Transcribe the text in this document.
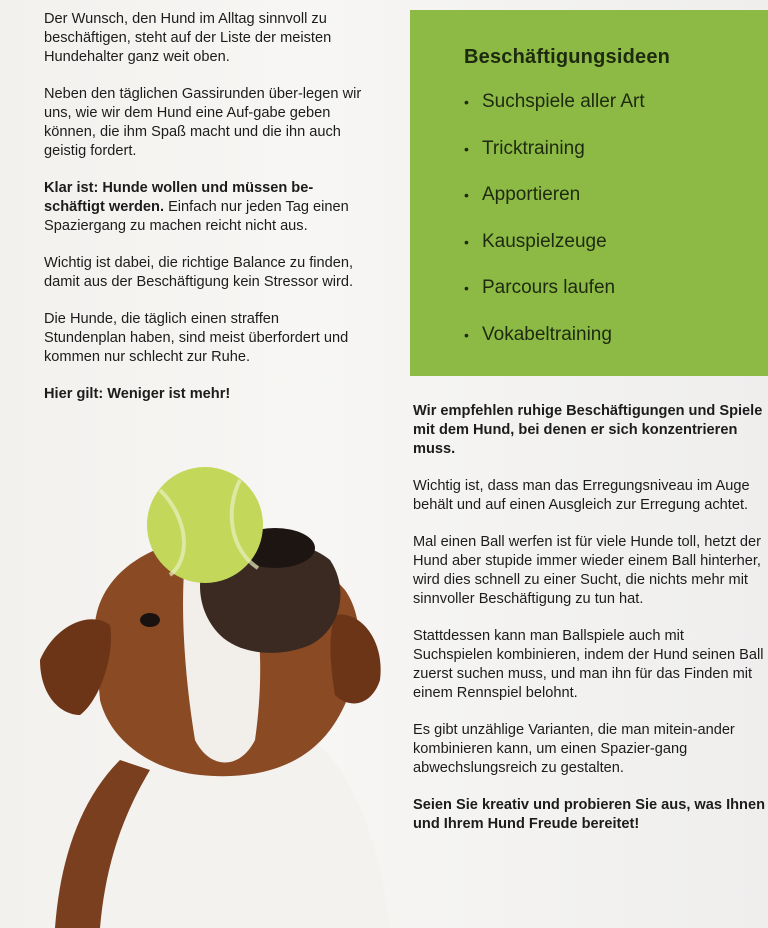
Der Wunsch, den Hund im Alltag sinnvoll zu beschäftigen, steht auf der Liste der meisten Hundehalter ganz weit oben.

Neben den täglichen Gassirunden über-legen wir uns, wie wir dem Hund eine Auf-gabe geben können, die ihm Spaß macht und die ihn auch geistig fordert.

Klar ist: Hunde wollen und müssen be-schäftigt werden. Einfach nur jeden Tag einen Spaziergang zu machen reicht nicht aus.

Wichtig ist dabei, die richtige Balance zu finden, damit aus der Beschäftigung kein Stressor wird.

Die Hunde, die täglich einen straffen Stundenplan haben, sind meist überfordert und kommen nur schlecht zur Ruhe.

Hier gilt: Weniger ist mehr!

Beschäftigungsideen
• Suchspiele aller Art
• Tricktraining
• Apportieren
• Kauspielzeuge
• Parcours laufen
• Vokabeltraining

Wir empfehlen ruhige Beschäftigungen und Spiele mit dem Hund, bei denen er sich konzentrieren muss.

Wichtig ist, dass man das Erregungsniveau im Auge behält und auf einen Ausgleich zur Erregung achtet.

Mal einen Ball werfen ist für viele Hunde toll, hetzt der Hund aber stupide immer wieder einem Ball hinterher, wird dies schnell zu einer Sucht, die nichts mehr mit sinnvoller Beschäftigung zu tun hat.

Stattdessen kann man Ballspiele auch mit Suchspielen kombinieren, indem der Hund seinen Ball zuerst suchen muss, und man ihn für das Finden mit einem Rennspiel belohnt.

Es gibt unzählige Varianten, die man mitein-ander kombinieren kann, um einen Spazier-gang abwechslungsreich zu gestalten.

Seien Sie kreativ und probieren Sie aus, was Ihnen und Ihrem Hund Freude bereitet!
